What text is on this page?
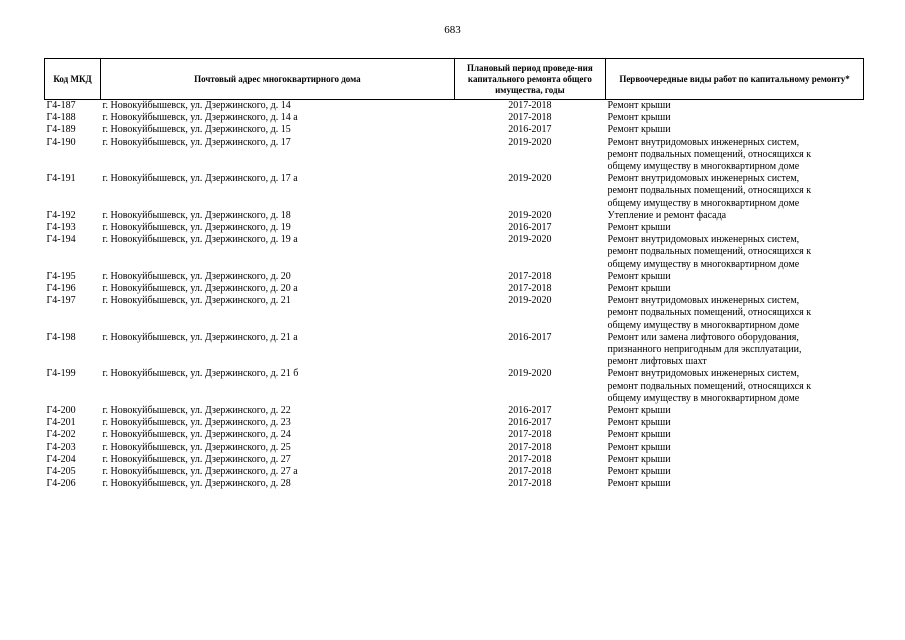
683
Код МКД	Почтовый адрес многоквартирного дома	Плановый период проведе-ния капитального ремонта общего имущества, годы	Первоочередные виды работ по капитальному ремонту*
Г4-187	г. Новокуйбышевск, ул. Дзержинского, д. 14	2017-2018	Ремонт крыши

Г4-188	г. Новокуйбышевск, ул. Дзержинского, д. 14 а	2017-2018	Ремонт крыши

Г4-189	г. Новокуйбышевск, ул. Дзержинского, д. 15	2016-2017	Ремонт крыши

Г4-190	г. Новокуйбышевск, ул. Дзержинского, д. 17	2019-2020	Ремонт внутридомовых инженерных систем,
ремонт подвальных помещений, относящихся к
общему имуществу в многоквартирном доме

Г4-191	г. Новокуйбышевск, ул. Дзержинского, д. 17 а	2019-2020	Ремонт внутридомовых инженерных систем,
ремонт подвальных помещений, относящихся к
общему имуществу в многоквартирном доме

Г4-192	г. Новокуйбышевск, ул. Дзержинского, д. 18	2019-2020	Утепление и ремонт фасада

Г4-193	г. Новокуйбышевск, ул. Дзержинского, д. 19	2016-2017	Ремонт крыши

Г4-194	г. Новокуйбышевск, ул. Дзержинского, д. 19 а	2019-2020	Ремонт внутридомовых инженерных систем,
ремонт подвальных помещений, относящихся к
общему имуществу в многоквартирном доме

Г4-195	г. Новокуйбышевск, ул. Дзержинского, д. 20	2017-2018	Ремонт крыши

Г4-196	г. Новокуйбышевск, ул. Дзержинского, д. 20 а	2017-2018	Ремонт крыши

Г4-197	г. Новокуйбышевск, ул. Дзержинского, д. 21	2019-2020	Ремонт внутридомовых инженерных систем,
ремонт подвальных помещений, относящихся к
общему имуществу в многоквартирном доме

Г4-198	г. Новокуйбышевск, ул. Дзержинского, д. 21 а	2016-2017	Ремонт или замена лифтового оборудования,
признанного непригодным для эксплуатации,
ремонт лифтовых шахт

Г4-199	г. Новокуйбышевск, ул. Дзержинского, д. 21 б	2019-2020	Ремонт внутридомовых инженерных систем,
ремонт подвальных помещений, относящихся к
общему имуществу в многоквартирном доме

Г4-200	г. Новокуйбышевск, ул. Дзержинского, д. 22	2016-2017	Ремонт крыши

Г4-201	г. Новокуйбышевск, ул. Дзержинского, д. 23	2016-2017	Ремонт крыши

Г4-202	г. Новокуйбышевск, ул. Дзержинского, д. 24	2017-2018	Ремонт крыши

Г4-203	г. Новокуйбышевск, ул. Дзержинского, д. 25	2017-2018	Ремонт крыши

Г4-204	г. Новокуйбышевск, ул. Дзержинского, д. 27	2017-2018	Ремонт крыши

Г4-205	г. Новокуйбышевск, ул. Дзержинского, д. 27 а	2017-2018	Ремонт крыши

Г4-206	г. Новокуйбышевск, ул. Дзержинского, д. 28	2017-2018	Ремонт крыши
